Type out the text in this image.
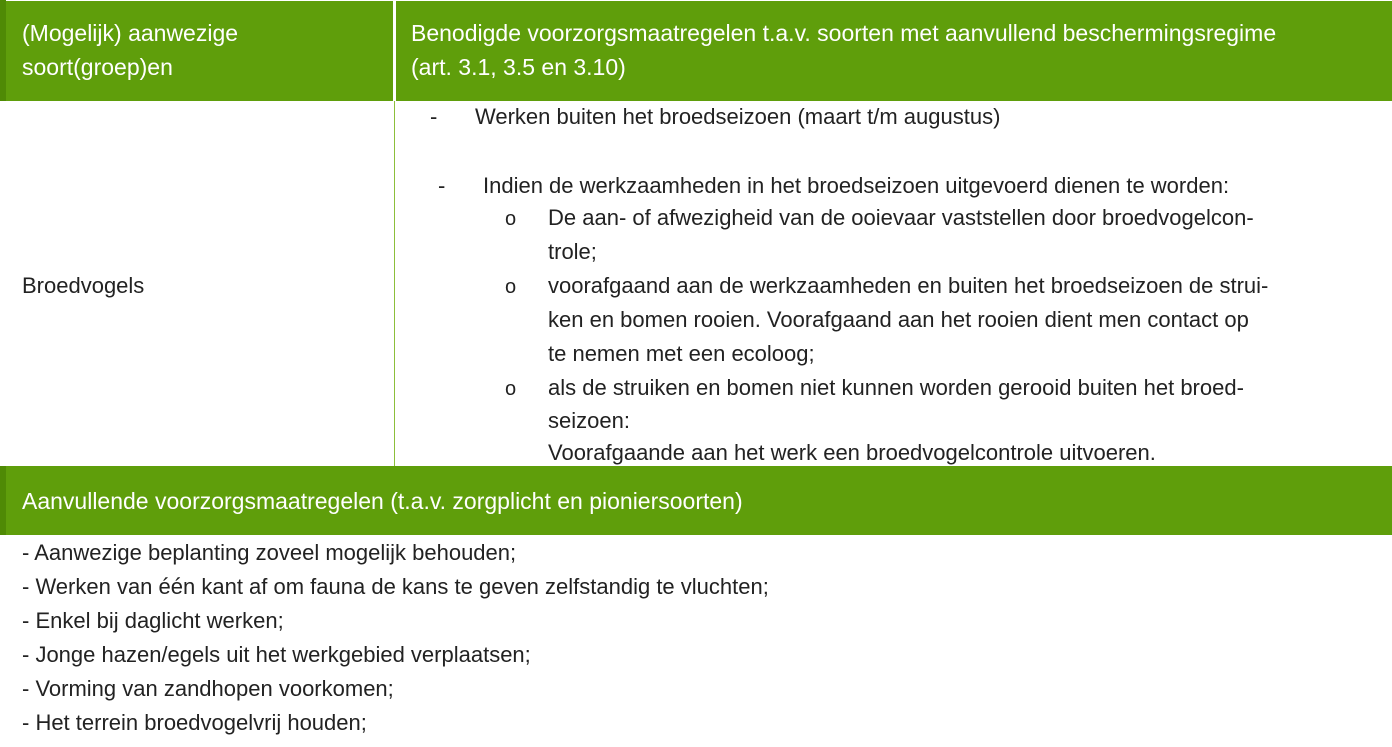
(Mogelijk) aanwezige
soort(groep)en
Benodigde voorzorgsmaatregelen t.a.v. soorten met aanvullend beschermingsregime
(art. 3.1, 3.5 en 3.10)
Broedvogels
- Werken buiten het broedseizoen (maart t/m augustus)
- Indien de werkzaamheden in het broedseizoen uitgevoerd dienen te worden:
o De aan- of afwezigheid van de ooievaar vaststellen door broedvogelcon-
trole;
o voorafgaand aan de werkzaamheden en buiten het broedseizoen de strui-
ken en bomen rooien. Voorafgaand aan het rooien dient men contact op
te nemen met een ecoloog;
o als de struiken en bomen niet kunnen worden gerooid buiten het broed-
seizoen:
Voorafgaande aan het werk een broedvogelcontrole uitvoeren.
Aanvullende voorzorgsmaatregelen (t.a.v. zorgplicht en pioniersoorten)
- Aanwezige beplanting zoveel mogelijk behouden;
- Werken van één kant af om fauna de kans te geven zelfstandig te vluchten;
- Enkel bij daglicht werken;
- Jonge hazen/egels uit het werkgebied verplaatsen;
- Vorming van zandhopen voorkomen;
- Het terrein broedvogelvrij houden;
